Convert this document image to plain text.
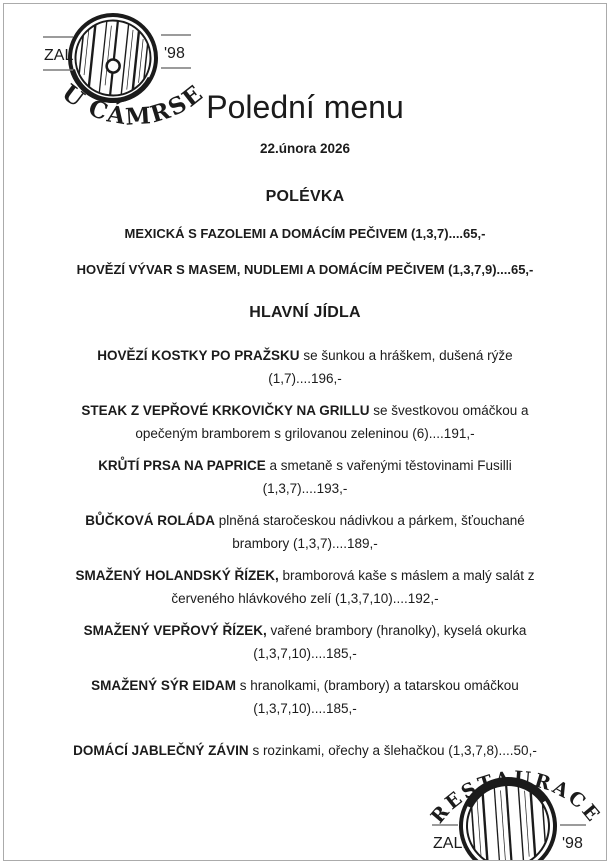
ZAL.	'98
U ČÁMRSE
ZAL.	'98
RESTAURACE
Polední menu
22.února 2026
POLÉVKA
MEXICKÁ S FAZOLEMI A DOMÁCÍM PEČIVEM (1,3,7)....65,-
HOVĚZÍ VÝVAR S MASEM, NUDLEMI A DOMÁCÍM PEČIVEM (1,3,7,9)....65,-
HLAVNÍ JÍDLA
HOVĚZÍ KOSTKY PO PRAŽSKU se šunkou a hráškem, dušená rýže (1,7)....196,-
STEAK Z VEPŘOVÉ KRKOVIČKY NA GRILLU se švestkovou omáčkou a opečeným bramborem s grilovanou zeleninou (6)....191,-
KRŮTÍ PRSA NA PAPRICE a smetaně s vařenými těstovinami Fusilli (1,3,7)....193,-
BŮČKOVÁ ROLÁDA plněná staročeskou nádivkou a párkem, šťouchané brambory (1,3,7)....189,-
SMAŽENÝ HOLANDSKÝ ŘÍZEK, bramborová kaše s máslem a malý salát z červeného hlávkového zelí (1,3,7,10)....192,-
SMAŽENÝ VEPŘOVÝ ŘÍZEK, vařené brambory (hranolky), kyselá okurka (1,3,7,10)....185,-
SMAŽENÝ SÝR EIDAM s hranolkami, (brambory) a tatarskou omáčkou (1,3,7,10)....185,-
DOMÁCÍ JABLEČNÝ ZÁVIN s rozinkami, ořechy a šlehačkou (1,3,7,8)....50,-
